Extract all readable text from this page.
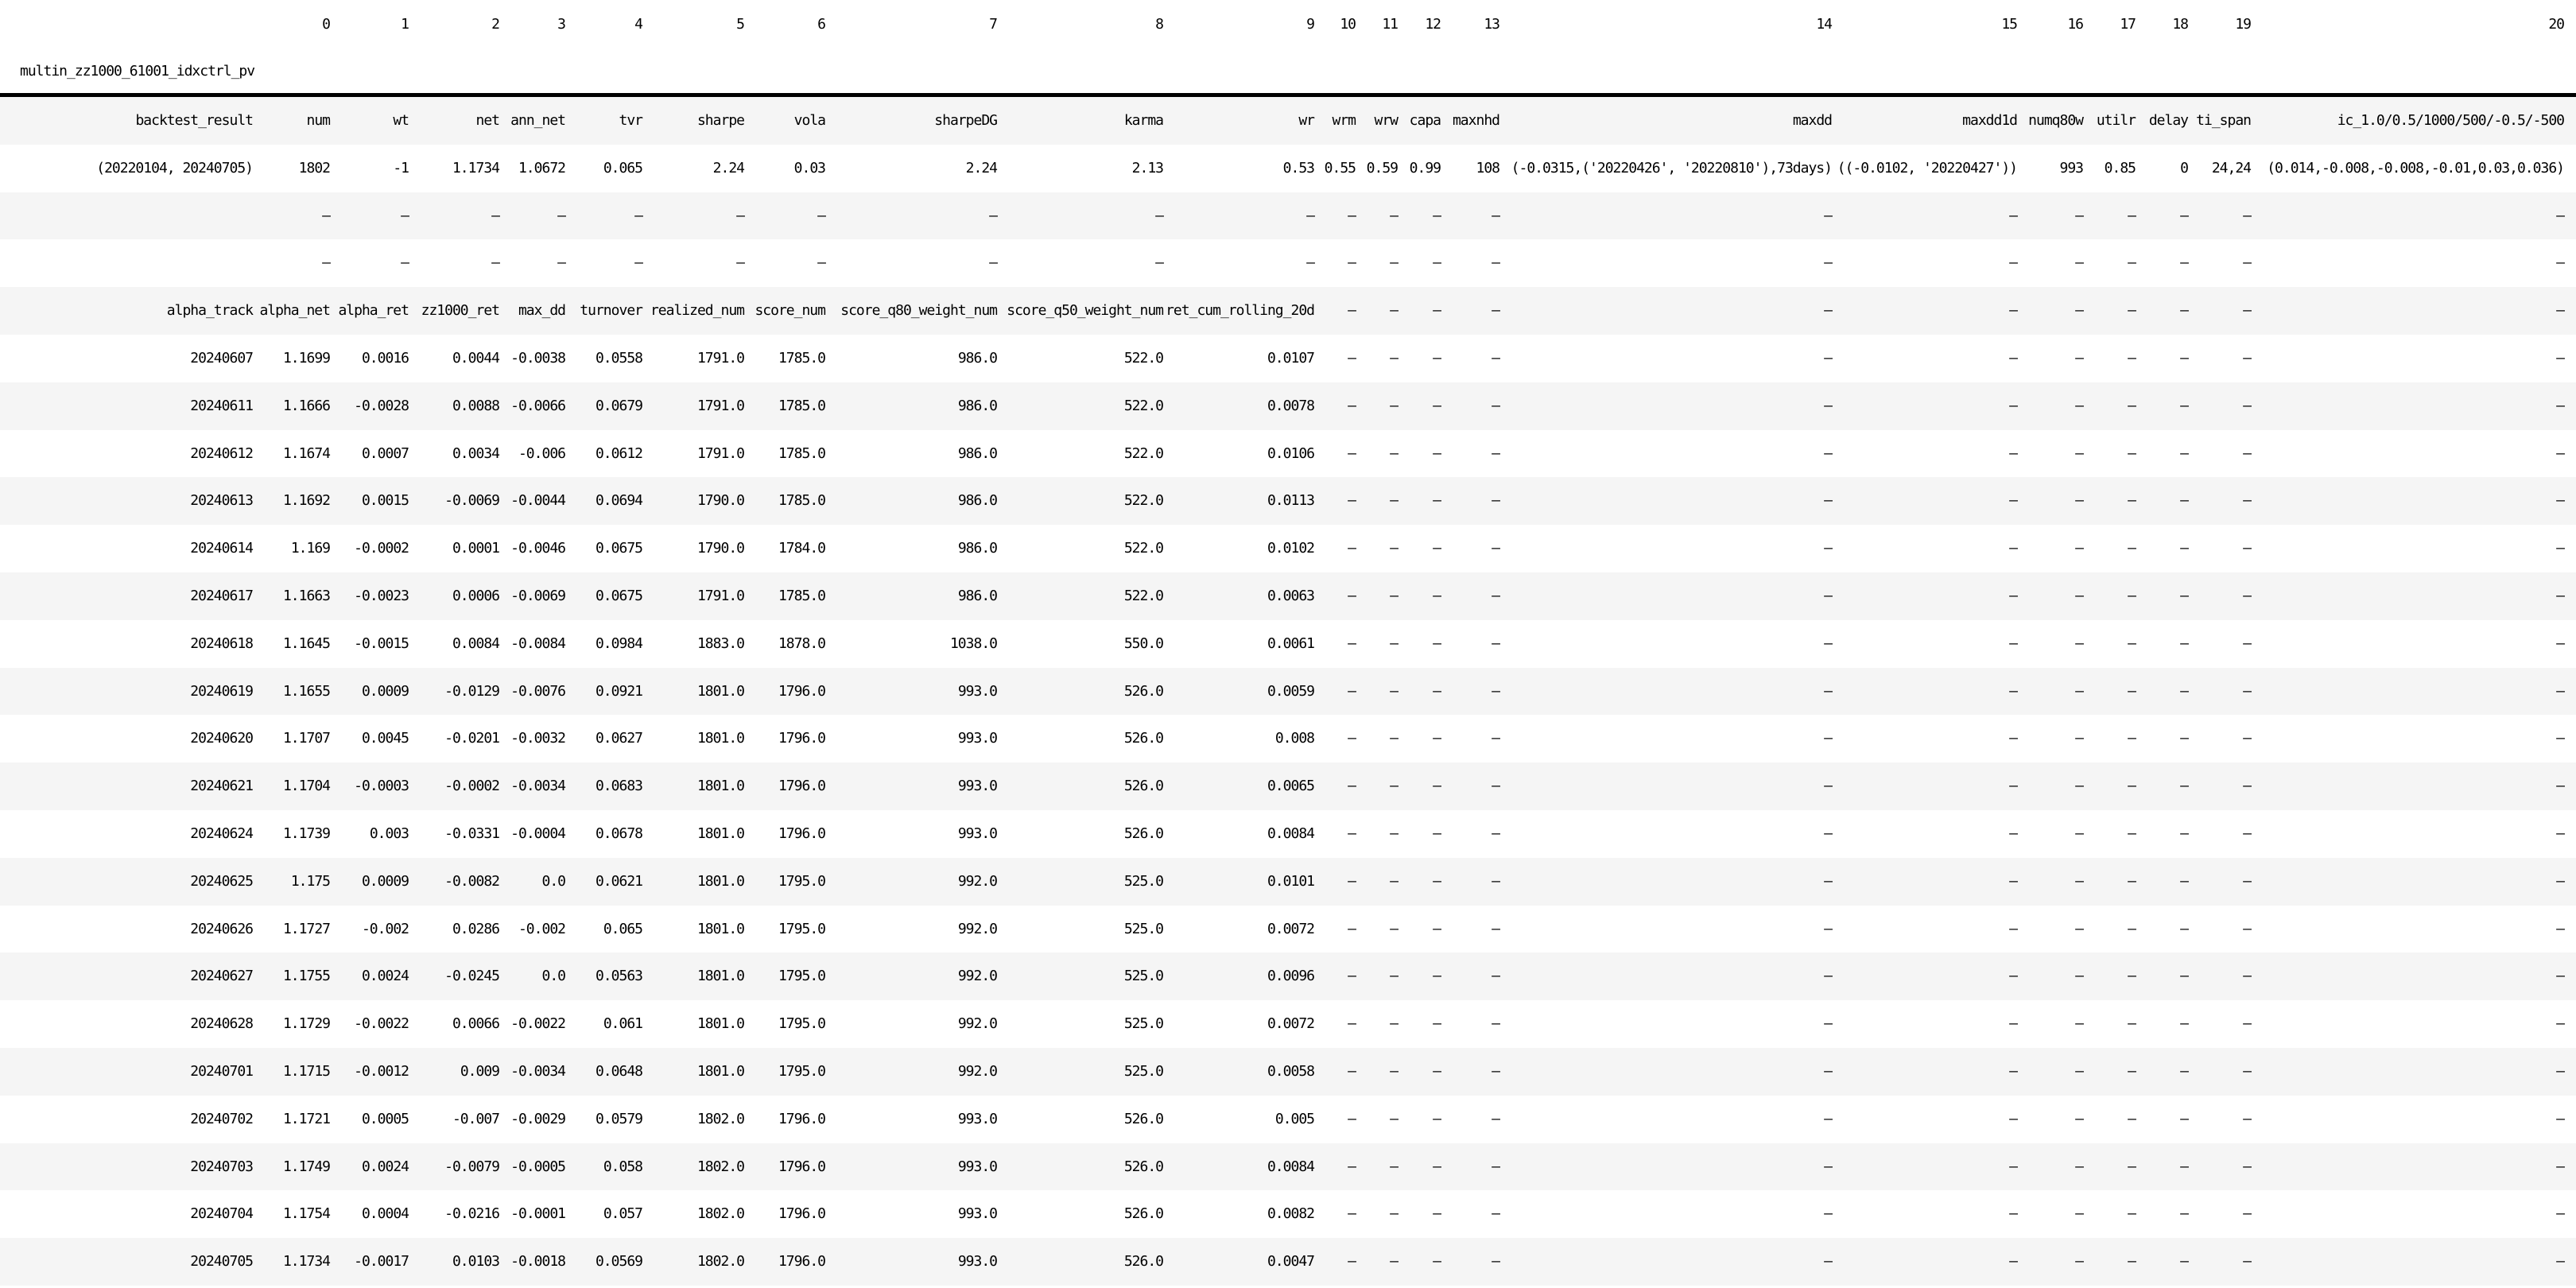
	0	1	2	3	4	5	6	7	8	9	10	11	12	13	14	15	16	17	18	19	20
multin_zz1000_61001_idxctrl_pv																					
backtest_result	num	wt	net	ann_net	tvr	sharpe	vola	sharpeDG	karma	wr	wrm	wrw	capa	maxnhd	maxdd	maxdd1d	numq80w	utilr	delay	ti_span	ic_1.0/0.5/1000/500/-0.5/-500
(20220104, 20240705)	1802	-1	1.1734	1.0672	0.065	2.24	0.03	2.24	2.13	0.53	0.55	0.59	0.99	108	(-0.0315,('20220426', '20220810'),73days)	((-0.0102, '20220427'))	993	0.85	0	24,24	(0.014,-0.008,-0.008,-0.01,0.03,0.036)
	—	—	—	—	—	—	—	—	—	—	—	—	—	—	—	—	—	—	—	—	—
	—	—	—	—	—	—	—	—	—	—	—	—	—	—	—	—	—	—	—	—	—
alpha_track	alpha_net	alpha_ret	zz1000_ret	max_dd	turnover	realized_num	score_num	score_q80_weight_num	score_q50_weight_num	ret_cum_rolling_20d	—	—	—	—	—	—	—	—	—	—	—
20240607	1.1699	0.0016	0.0044	-0.0038	0.0558	1791.0	1785.0	986.0	522.0	0.0107	—	—	—	—	—	—	—	—	—	—	—
20240611	1.1666	-0.0028	0.0088	-0.0066	0.0679	1791.0	1785.0	986.0	522.0	0.0078	—	—	—	—	—	—	—	—	—	—	—
20240612	1.1674	0.0007	0.0034	-0.006	0.0612	1791.0	1785.0	986.0	522.0	0.0106	—	—	—	—	—	—	—	—	—	—	—
20240613	1.1692	0.0015	-0.0069	-0.0044	0.0694	1790.0	1785.0	986.0	522.0	0.0113	—	—	—	—	—	—	—	—	—	—	—
20240614	1.169	-0.0002	0.0001	-0.0046	0.0675	1790.0	1784.0	986.0	522.0	0.0102	—	—	—	—	—	—	—	—	—	—	—
20240617	1.1663	-0.0023	0.0006	-0.0069	0.0675	1791.0	1785.0	986.0	522.0	0.0063	—	—	—	—	—	—	—	—	—	—	—
20240618	1.1645	-0.0015	0.0084	-0.0084	0.0984	1883.0	1878.0	1038.0	550.0	0.0061	—	—	—	—	—	—	—	—	—	—	—
20240619	1.1655	0.0009	-0.0129	-0.0076	0.0921	1801.0	1796.0	993.0	526.0	0.0059	—	—	—	—	—	—	—	—	—	—	—
20240620	1.1707	0.0045	-0.0201	-0.0032	0.0627	1801.0	1796.0	993.0	526.0	0.008	—	—	—	—	—	—	—	—	—	—	—
20240621	1.1704	-0.0003	-0.0002	-0.0034	0.0683	1801.0	1796.0	993.0	526.0	0.0065	—	—	—	—	—	—	—	—	—	—	—
20240624	1.1739	0.003	-0.0331	-0.0004	0.0678	1801.0	1796.0	993.0	526.0	0.0084	—	—	—	—	—	—	—	—	—	—	—
20240625	1.175	0.0009	-0.0082	0.0	0.0621	1801.0	1795.0	992.0	525.0	0.0101	—	—	—	—	—	—	—	—	—	—	—
20240626	1.1727	-0.002	0.0286	-0.002	0.065	1801.0	1795.0	992.0	525.0	0.0072	—	—	—	—	—	—	—	—	—	—	—
20240627	1.1755	0.0024	-0.0245	0.0	0.0563	1801.0	1795.0	992.0	525.0	0.0096	—	—	—	—	—	—	—	—	—	—	—
20240628	1.1729	-0.0022	0.0066	-0.0022	0.061	1801.0	1795.0	992.0	525.0	0.0072	—	—	—	—	—	—	—	—	—	—	—
20240701	1.1715	-0.0012	0.009	-0.0034	0.0648	1801.0	1795.0	992.0	525.0	0.0058	—	—	—	—	—	—	—	—	—	—	—
20240702	1.1721	0.0005	-0.007	-0.0029	0.0579	1802.0	1796.0	993.0	526.0	0.005	—	—	—	—	—	—	—	—	—	—	—
20240703	1.1749	0.0024	-0.0079	-0.0005	0.058	1802.0	1796.0	993.0	526.0	0.0084	—	—	—	—	—	—	—	—	—	—	—
20240704	1.1754	0.0004	-0.0216	-0.0001	0.057	1802.0	1796.0	993.0	526.0	0.0082	—	—	—	—	—	—	—	—	—	—	—
20240705	1.1734	-0.0017	0.0103	-0.0018	0.0569	1802.0	1796.0	993.0	526.0	0.0047	—	—	—	—	—	—	—	—	—	—	—
